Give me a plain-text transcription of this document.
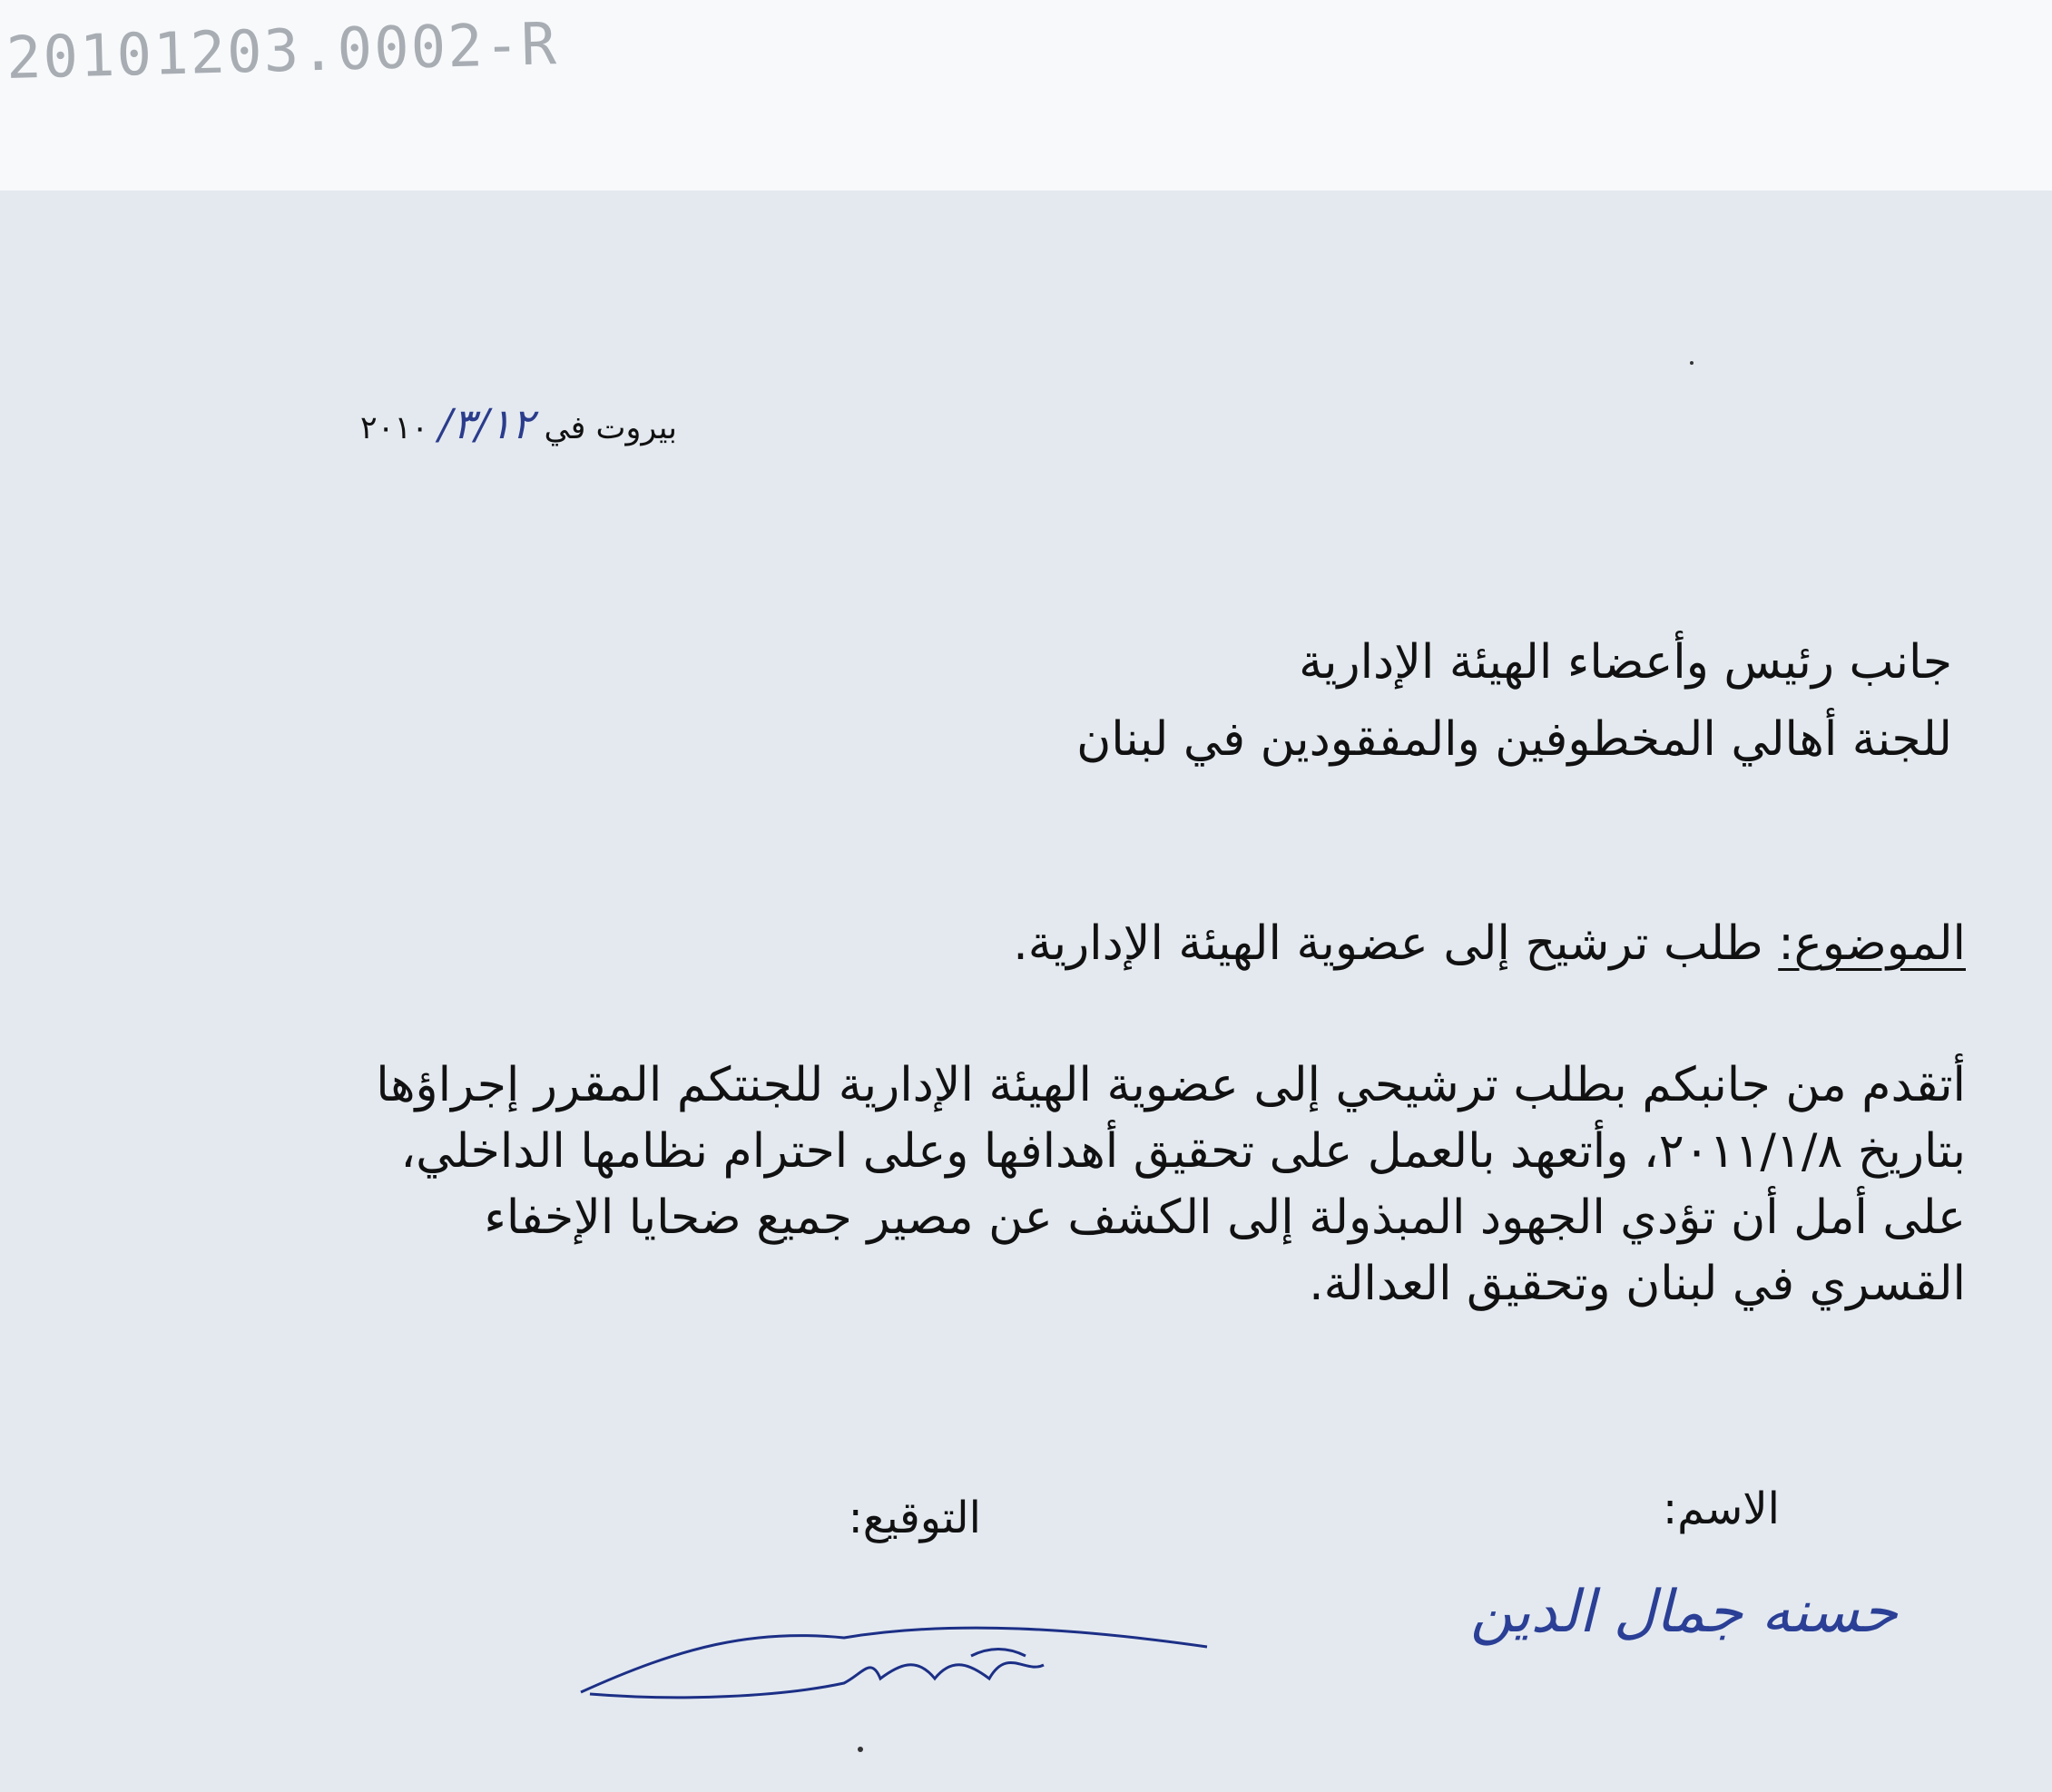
20101203.0002-R
بيروت في ٣/١٢/ ٢٠١٠
جانب رئيس وأعضاء الهيئة الإدارية
للجنة أهالي المخطوفين والمفقودين في لبنان
الموضوع: طلب ترشيح إلى عضوية الهيئة الإدارية.
أتقدم من جانبكم بطلب ترشيحي إلى عضوية الهيئة الإدارية للجنتكم المقرر إجراؤها
بتاريخ ٢٠١١/١/٨، وأتعهد بالعمل على تحقيق أهدافها وعلى احترام نظامها الداخلي،
على أمل أن تؤدي الجهود المبذولة إلى الكشف عن مصير جميع ضحايا الإخفاء
القسري في لبنان وتحقيق العدالة.
الاسم:
التوقيع:
حسنه جمال الدين
